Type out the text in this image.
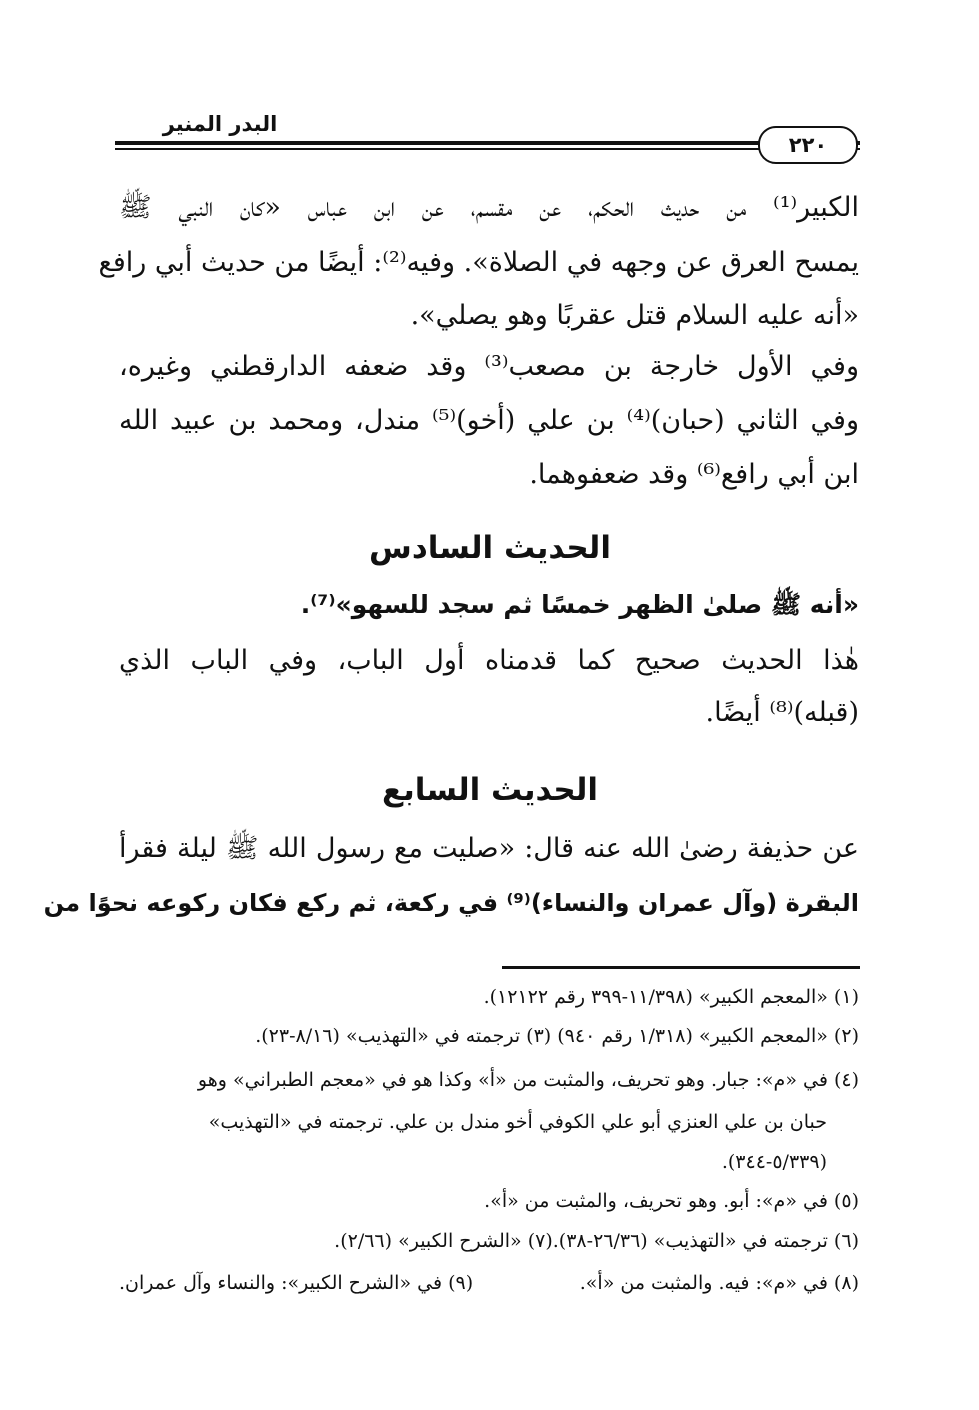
البدر المنير
٢٢٠
الكبير⁽¹⁾ من حديث الحكم، عن مقسم، عن ابن عباس «كان النبي ﷺ
يمسح العرق عن وجهه في الصلاة». وفيه⁽²⁾: أيضًا من حديث أبي رافع
«أنه عليه السلام قتل عقربًا وهو يصلي».
وفي الأول خارجة بن مصعب⁽³⁾ وقد ضعفه الدارقطني وغيره،
وفي الثاني (حبان)⁽⁴⁾ بن علي (أخو)⁽⁵⁾ مندل، ومحمد بن عبيد الله
ابن أبي رافع⁽⁶⁾ وقد ضعفوهما.
الحديث السادس
«أنه ﷺ صلىٰ الظهر خمسًا ثم سجد للسهو»⁽⁷⁾.
هٰذا الحديث صحيح كما قدمناه أول الباب، وفي الباب الذي
(قبله)⁽⁸⁾ أيضًا.
الحديث السابع
عن حذيفة رضىٰ الله عنه قال: «صليت مع رسول الله ﷺ ليلة فقرأ
البقرة (وآل عمران والنساء)⁽⁹⁾ في ركعة، ثم ركع فكان ركوعه نحوًا من
(١) «المعجم الكبير» (١١/٣٩٨-٣٩٩ رقم ١٢١٢٢).
(٢) «المعجم الكبير» (١/٣١٨ رقم ٩٤٠) (٣) ترجمته في «التهذيب» (٨/١٦-٢٣).
(٤) في «م»: جبار. وهو تحريف، والمثبت من «أ» وكذا هو في «معجم الطبراني» وهو
حبان بن علي العنزي أبو علي الكوفي أخو مندل بن علي. ترجمته في «التهذيب»
(٥/٣٣٩-٣٤٤).
(٥) في «م»: أبو. وهو تحريف، والمثبت من «أ».
(٦) ترجمته في «التهذيب» (٢٦/٣٦-٣٨).(٧) «الشرح الكبير» (٢/٦٦).
(٨) في «م»: فيه. والمثبت من «أ».
(٩) في «الشرح الكبير»: والنساء وآل عمران.
